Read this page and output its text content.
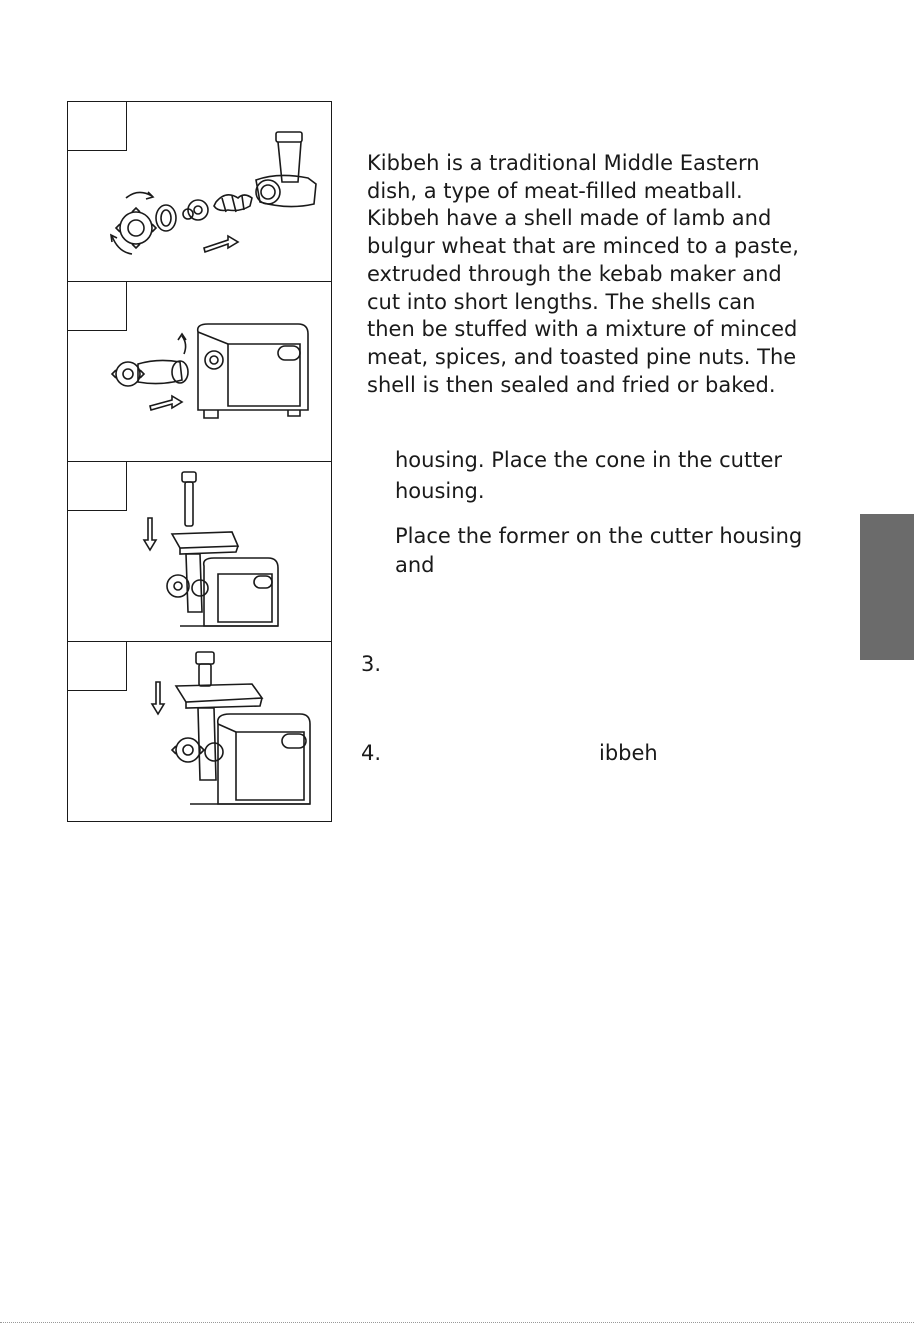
Kibbeh is a traditional Middle Eastern

dish, a type of meat-filled meatball.

Kibbeh have a shell made of lamb and

bulgur wheat that are minced to a paste,

extruded through the kebab maker and

cut into short lengths. The shells can

then be stuffed with a mixture of minced

meat, spices, and toasted pine nuts. The

shell is then sealed and fried or baked.

housing. Place the cone in the cutter
housing.
Place the former on the cutter housing
and
3.
4.	ibbeh
